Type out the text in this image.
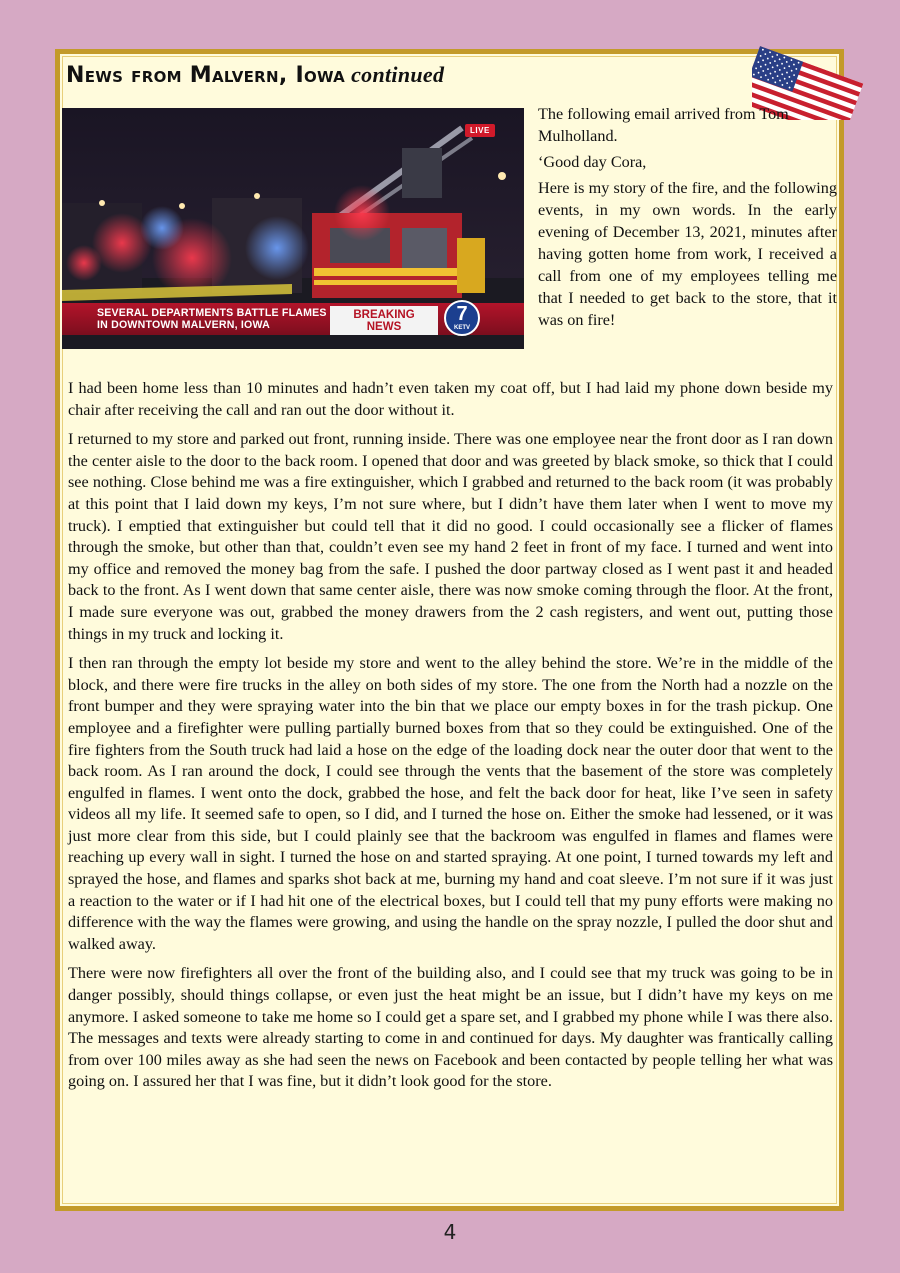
News from Malvern, Iowa continued
LIVE
SEVERAL DEPARTMENTS BATTLE FLAMES
IN DOWNTOWN MALVERN, IOWA
BREAKING
NEWS
7
KETV

The following email arrived from Tom Mulholland.

‘Good day Cora,

Here is my story of the fire, and the following events, in my own words. In the early evening of December 13, 2021, minutes after having gotten home from work, I received a call from one of my employees telling me that I needed to get back to the store, that it was on fire!

I had been home less than 10 minutes and hadn’t even taken my coat off, but I had laid my phone down beside my chair after receiving the call and ran out the door without it.

I returned to my store and parked out front, running inside. There was one employee near the front door as I ran down the center aisle to the door to the back room. I opened that door and was greeted by black smoke, so thick that I could see nothing. Close behind me was a fire extinguisher, which I grabbed and returned to the back room (it was probably at this point that I laid down my keys, I’m not sure where, but I didn’t have them later when I went to move my truck). I emptied that extinguisher but could tell that it did no good. I could occasionally see a flicker of flames through the smoke, but other than that, couldn’t even see my hand 2 feet in front of my face. I turned and went into my office and removed the money bag from the safe. I pushed the door partway closed as I went past it and headed back to the front. As I went down that same center aisle, there was now smoke coming through the floor. At the front, I made sure everyone was out, grabbed the money drawers from the 2 cash registers, and went out, putting those things in my truck and locking it.

I then ran through the empty lot beside my store and went to the alley behind the store. We’re in the middle of the block, and there were fire trucks in the alley on both sides of my store. The one from the North had a nozzle on the front bumper and they were spraying water into the bin that we place our empty boxes in for the trash pickup. One employee and a firefighter were pulling partially burned boxes from that so they could be extinguished. One of the fire fighters from the South truck had laid a hose on the edge of the loading dock near the outer door that went to the back room. As I ran around the dock, I could see through the vents that the basement of the store was completely engulfed in flames. I went onto the dock, grabbed the hose, and felt the back door for heat, like I’ve seen in safety videos all my life. It seemed safe to open, so I did, and I turned the hose on. Either the smoke had lessened, or it was just more clear from this side, but I could plainly see that the backroom was engulfed in flames and flames were reaching up every wall in sight. I turned the hose on and started spraying. At one point, I turned towards my left and sprayed the hose, and flames and sparks shot back at me, burning my hand and coat sleeve. I’m not sure if it was just a reaction to the water or if I had hit one of the electrical boxes, but I could tell that my puny efforts were making no difference with the way the flames were growing, and using the handle on the spray nozzle, I pulled the door shut and walked away.

There were now firefighters all over the front of the building also, and I could see that my truck was going to be in danger possibly, should things collapse, or even just the heat might be an issue, but I didn’t have my keys on me anymore. I asked someone to take me home so I could get a spare set, and I grabbed my phone while I was there also. The messages and texts were already starting to come in and continued for days. My daughter was frantically calling from over 100 miles away as she had seen the news on Facebook and been contacted by people telling her what was going on. I assured her that I was fine, but it didn’t look good for the store.

4
